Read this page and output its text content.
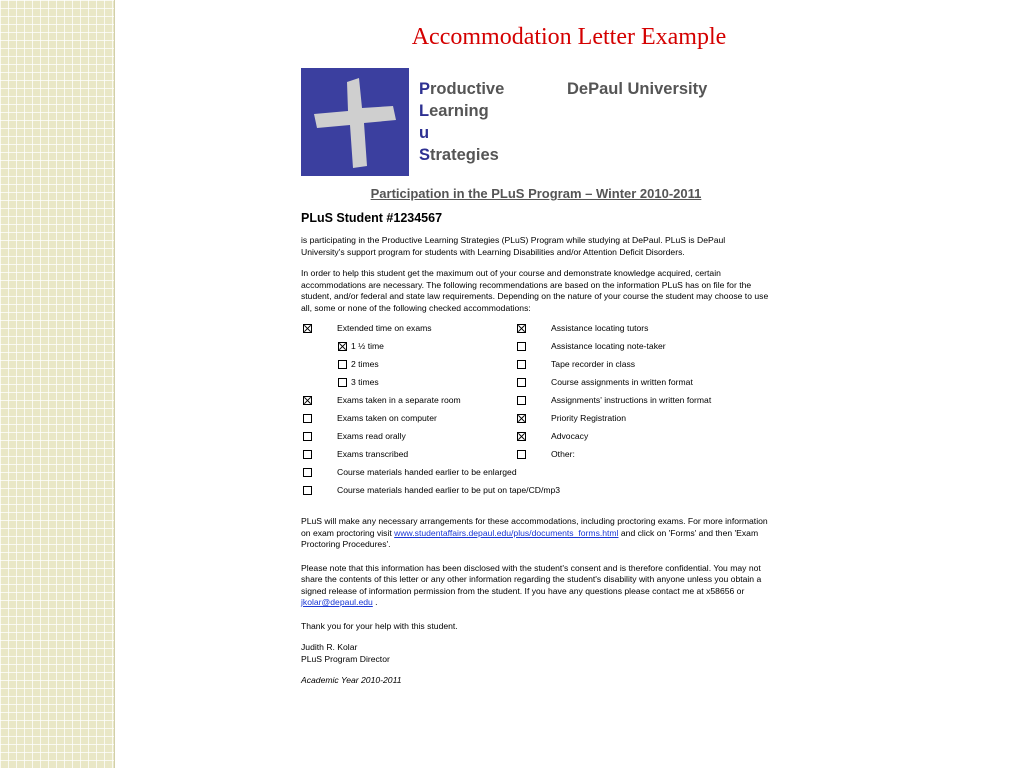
Accommodation Letter Example
Productive
Learning
u
Strategies
DePaul University
Participation in the PLuS Program – Winter 2010-2011
PLuS Student #1234567
is participating in the Productive Learning Strategies (PLuS) Program while studying at DePaul. PLuS is DePaul University's support program for students with Learning Disabilities and/or Attention Deficit Disorders.
In order to help this student get the maximum out of your course and demonstrate knowledge acquired, certain accommodations are necessary. The following recommendations are based on the information PLuS has on file for the student, and/or federal and state law requirements. Depending on the nature of your course the student may choose to use all, some or none of the following checked accommodations:
Extended time on exams
1 ½ time
2 times
3 times
Exams taken in a separate room
Exams taken on computer
Exams read orally
Exams transcribed
Course materials handed earlier to be enlarged
Course materials handed earlier to be put on tape/CD/mp3
Assistance locating tutors
Assistance locating note-taker
Tape recorder in class
Course assignments in written format
Assignments' instructions in written format
Priority Registration
Advocacy
Other:
PLuS will make any necessary arrangements for these accommodations, including proctoring exams. For more information on exam proctoring visit www.studentaffairs.depaul.edu/plus/documents_forms.html and click on 'Forms' and then 'Exam Proctoring Procedures'.
Please note that this information has been disclosed with the student's consent and is therefore confidential. You may not share the contents of this letter or any other information regarding the student's disability with anyone unless you obtain a signed release of information permission from the student. If you have any questions please contact me at x58656 or jkolar@depaul.edu .
Thank you for your help with this student.
Judith R. Kolar
PLuS Program Director
Academic Year 2010-2011
